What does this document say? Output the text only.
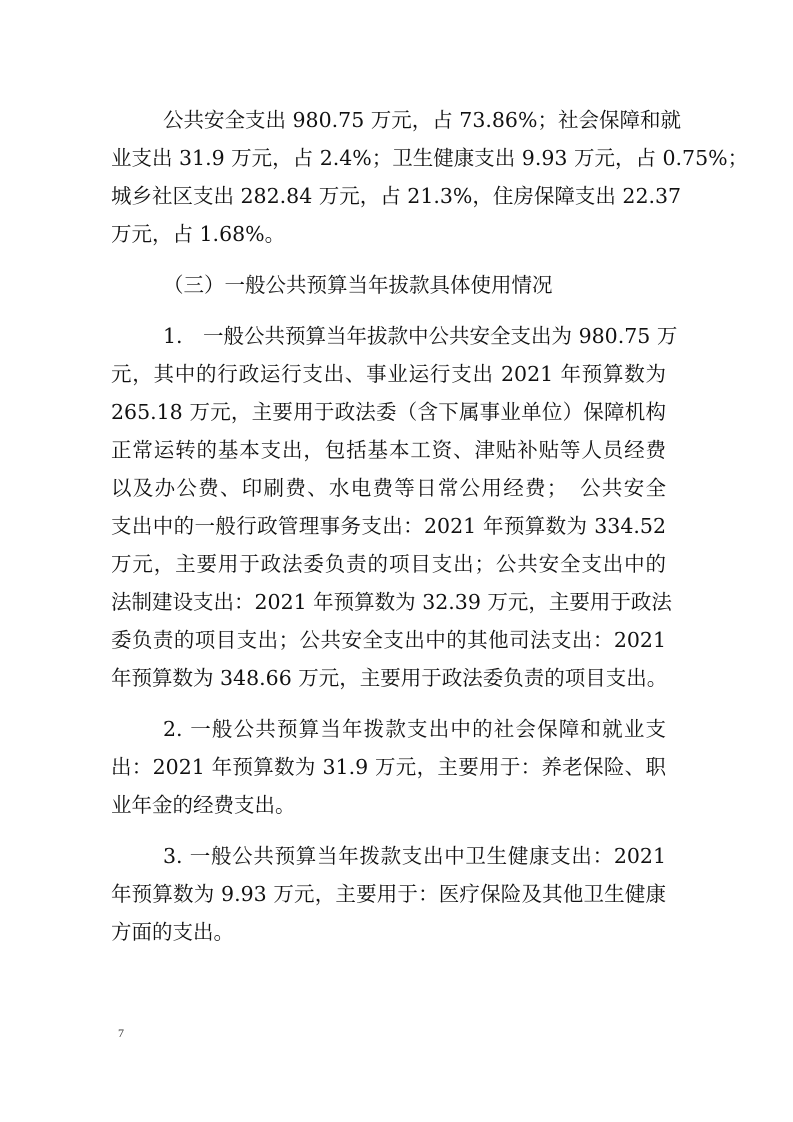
公共安全支出 980.75 万元，占 73.86%；社会保障和就
业支出 31.9 万元，占 2.4%；卫生健康支出 9.93 万元，占 0.75%；
城乡社区支出 282.84 万元，占 21.3%，住房保障支出 22.37
万元，占 1.68%。
（三）一般公共预算当年拔款具体使用情况
1.　一般公共预算当年拔款中公共安全支出为 980.75 万
元，其中的行政运行支出、事业运行支出 2021 年预算数为
265.18 万元，主要用于政法委（含下属事业单位）保障机构
正常运转的基本支出，包括基本工资、津贴补贴等人员经费
以及办公费、印刷费、水电费等日常公用经费；　公共安全
支出中的一般行政管理事务支出：2021 年预算数为 334.52
万元，主要用于政法委负责的项目支出；公共安全支出中的
法制建设支出：2021 年预算数为 32.39 万元，主要用于政法
委负责的项目支出；公共安全支出中的其他司法支出：2021
年预算数为 348.66 万元，主要用于政法委负责的项目支出。
2. 一般公共预算当年拨款支出中的社会保障和就业支
出：2021 年预算数为 31.9 万元，主要用于：养老保险、职
业年金的经费支出。
3. 一般公共预算当年拨款支出中卫生健康支出：2021
年预算数为 9.93 万元，主要用于：医疗保险及其他卫生健康
方面的支出。
7
